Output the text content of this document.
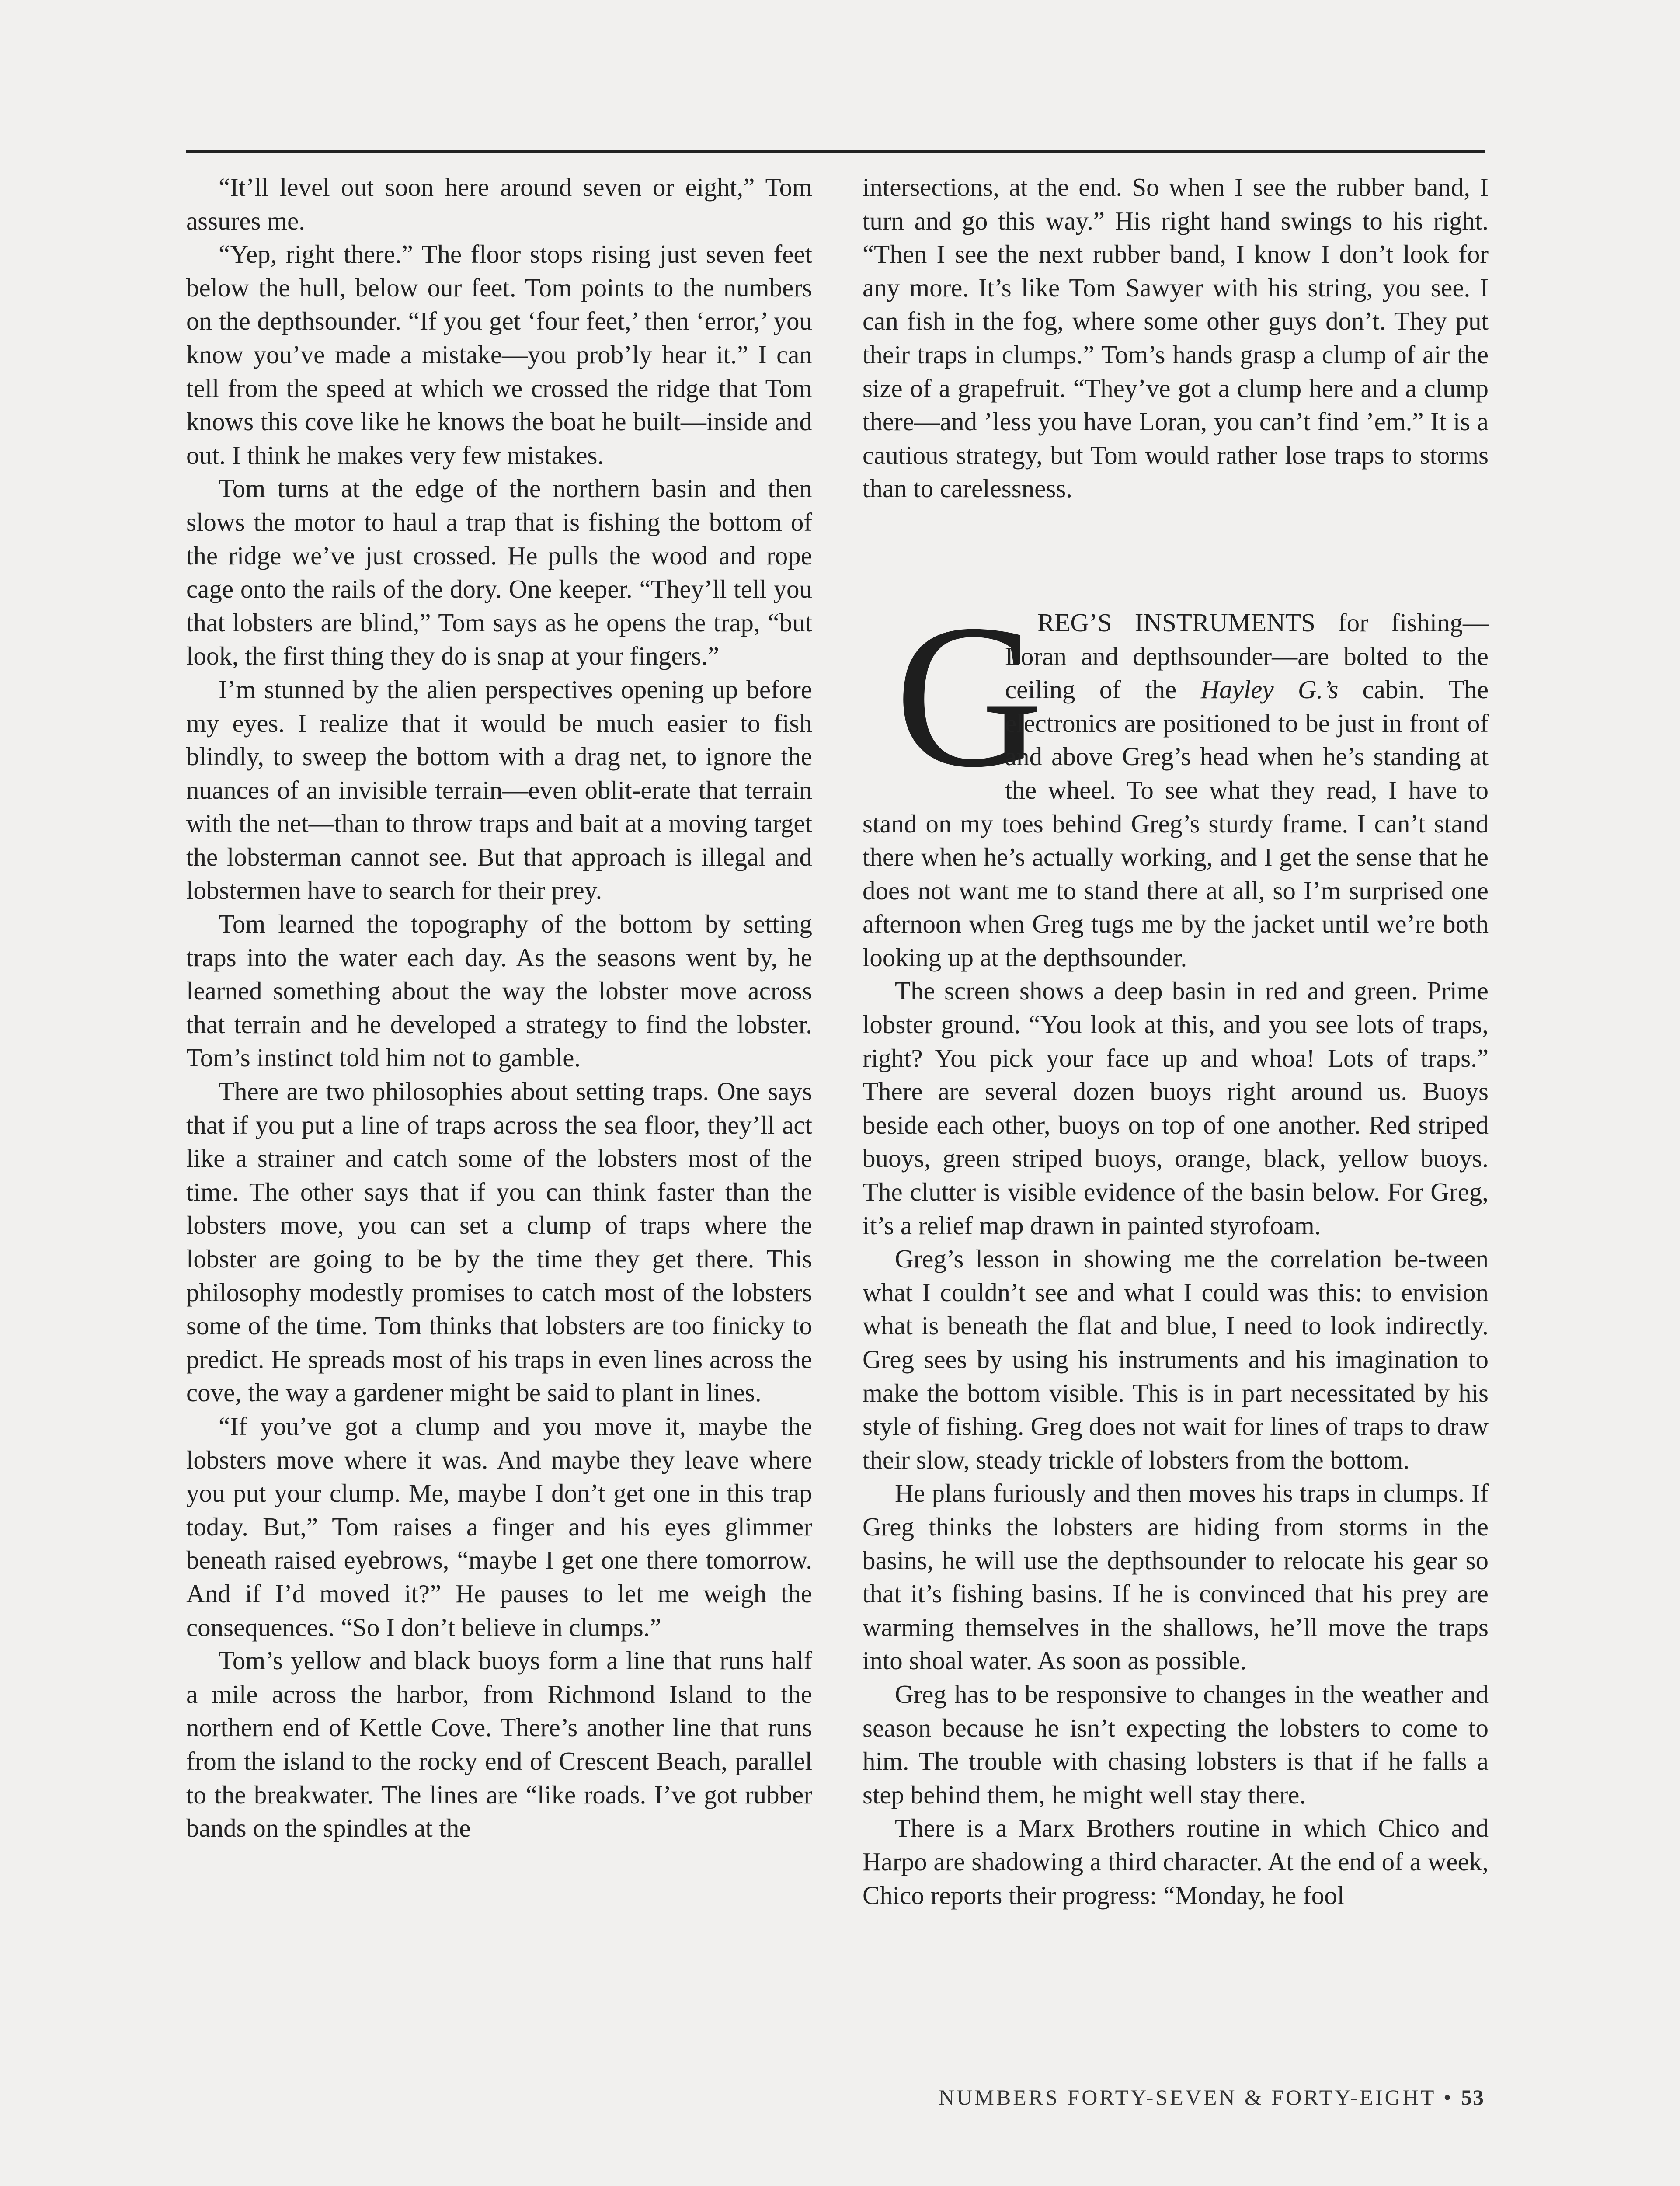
“It’ll level out soon here around seven or eight,” Tom assures me.

“Yep, right there.” The floor stops rising just seven feet below the hull, below our feet. Tom points to the numbers on the depthsounder. “If you get ‘four feet,’ then ‘error,’ you know you’ve made a mistake—you prob’ly hear it.” I can tell from the speed at which we crossed the ridge that Tom knows this cove like he knows the boat he built—inside and out. I think he makes very few mistakes.

Tom turns at the edge of the northern basin and then slows the motor to haul a trap that is fishing the bottom of the ridge we’ve just crossed. He pulls the wood and rope cage onto the rails of the dory. One keeper. “They’ll tell you that lobsters are blind,” Tom says as he opens the trap, “but look, the first thing they do is snap at your fingers.”

I’m stunned by the alien perspectives opening up before my eyes. I realize that it would be much easier to fish blindly, to sweep the bottom with a drag net, to ignore the nuances of an invisible terrain—even oblit-erate that terrain with the net—than to throw traps and bait at a moving target the lobsterman cannot see. But that approach is illegal and lobstermen have to search for their prey.

Tom learned the topography of the bottom by setting traps into the water each day. As the seasons went by, he learned something about the way the lobster move across that terrain and he developed a strategy to find the lobster. Tom’s instinct told him not to gamble.

There are two philosophies about setting traps. One says that if you put a line of traps across the sea floor, they’ll act like a strainer and catch some of the lobsters most of the time. The other says that if you can think faster than the lobsters move, you can set a clump of traps where the lobster are going to be by the time they get there. This philosophy modestly promises to catch most of the lobsters some of the time. Tom thinks that lobsters are too finicky to predict. He spreads most of his traps in even lines across the cove, the way a gardener might be said to plant in lines.

“If you’ve got a clump and you move it, maybe the lobsters move where it was. And maybe they leave where you put your clump. Me, maybe I don’t get one in this trap today. But,” Tom raises a finger and his eyes glimmer beneath raised eyebrows, “maybe I get one there tomorrow. And if I’d moved it?” He pauses to let me weigh the consequences. “So I don’t believe in clumps.”

Tom’s yellow and black buoys form a line that runs half a mile across the harbor, from Richmond Island to the northern end of Kettle Cove. There’s another line that runs from the island to the rocky end of Crescent Beach, parallel to the breakwater. The lines are “like roads. I’ve got rubber bands on the spindles at the

intersections, at the end. So when I see the rubber band, I turn and go this way.” His right hand swings to his right. “Then I see the next rubber band, I know I don’t look for any more. It’s like Tom Sawyer with his string, you see. I can fish in the fog, where some other guys don’t. They put their traps in clumps.” Tom’s hands grasp a clump of air the size of a grapefruit. “They’ve got a clump here and a clump there—and ’less you have Loran, you can’t find ’em.” It is a cautious strategy, but Tom would rather lose traps to storms than to carelessness.

G
REG’S INSTRUMENTS for fishing—Loran and depthsounder—are bolted to the ceiling of the Hayley G.’s cabin. The electronics are positioned to be just in front of and above Greg’s head when he’s standing at the wheel. To see what they read, I have to stand on my toes behind Greg’s sturdy frame. I can’t stand there when he’s actually working, and I get the sense that he does not want me to stand there at all, so I’m surprised one afternoon when Greg tugs me by the jacket until we’re both looking up at the depthsounder.

The screen shows a deep basin in red and green. Prime lobster ground. “You look at this, and you see lots of traps, right? You pick your face up and whoa! Lots of traps.” There are several dozen buoys right around us. Buoys beside each other, buoys on top of one another. Red striped buoys, green striped buoys, orange, black, yellow buoys. The clutter is visible evidence of the basin below. For Greg, it’s a relief map drawn in painted styrofoam.

Greg’s lesson in showing me the correlation be-tween what I couldn’t see and what I could was this: to envision what is beneath the flat and blue, I need to look indirectly. Greg sees by using his instruments and his imagination to make the bottom visible. This is in part necessitated by his style of fishing. Greg does not wait for lines of traps to draw their slow, steady trickle of lobsters from the bottom.

He plans furiously and then moves his traps in clumps. If Greg thinks the lobsters are hiding from storms in the basins, he will use the depthsounder to relocate his gear so that it’s fishing basins. If he is convinced that his prey are warming themselves in the shallows, he’ll move the traps into shoal water. As soon as possible.

Greg has to be responsive to changes in the weather and season because he isn’t expecting the lobsters to come to him. The trouble with chasing lobsters is that if he falls a step behind them, he might well stay there.

There is a Marx Brothers routine in which Chico and Harpo are shadowing a third character. At the end of a week, Chico reports their progress: “Monday, he fool

NUMBERS FORTY-SEVEN & FORTY-EIGHT • 53
